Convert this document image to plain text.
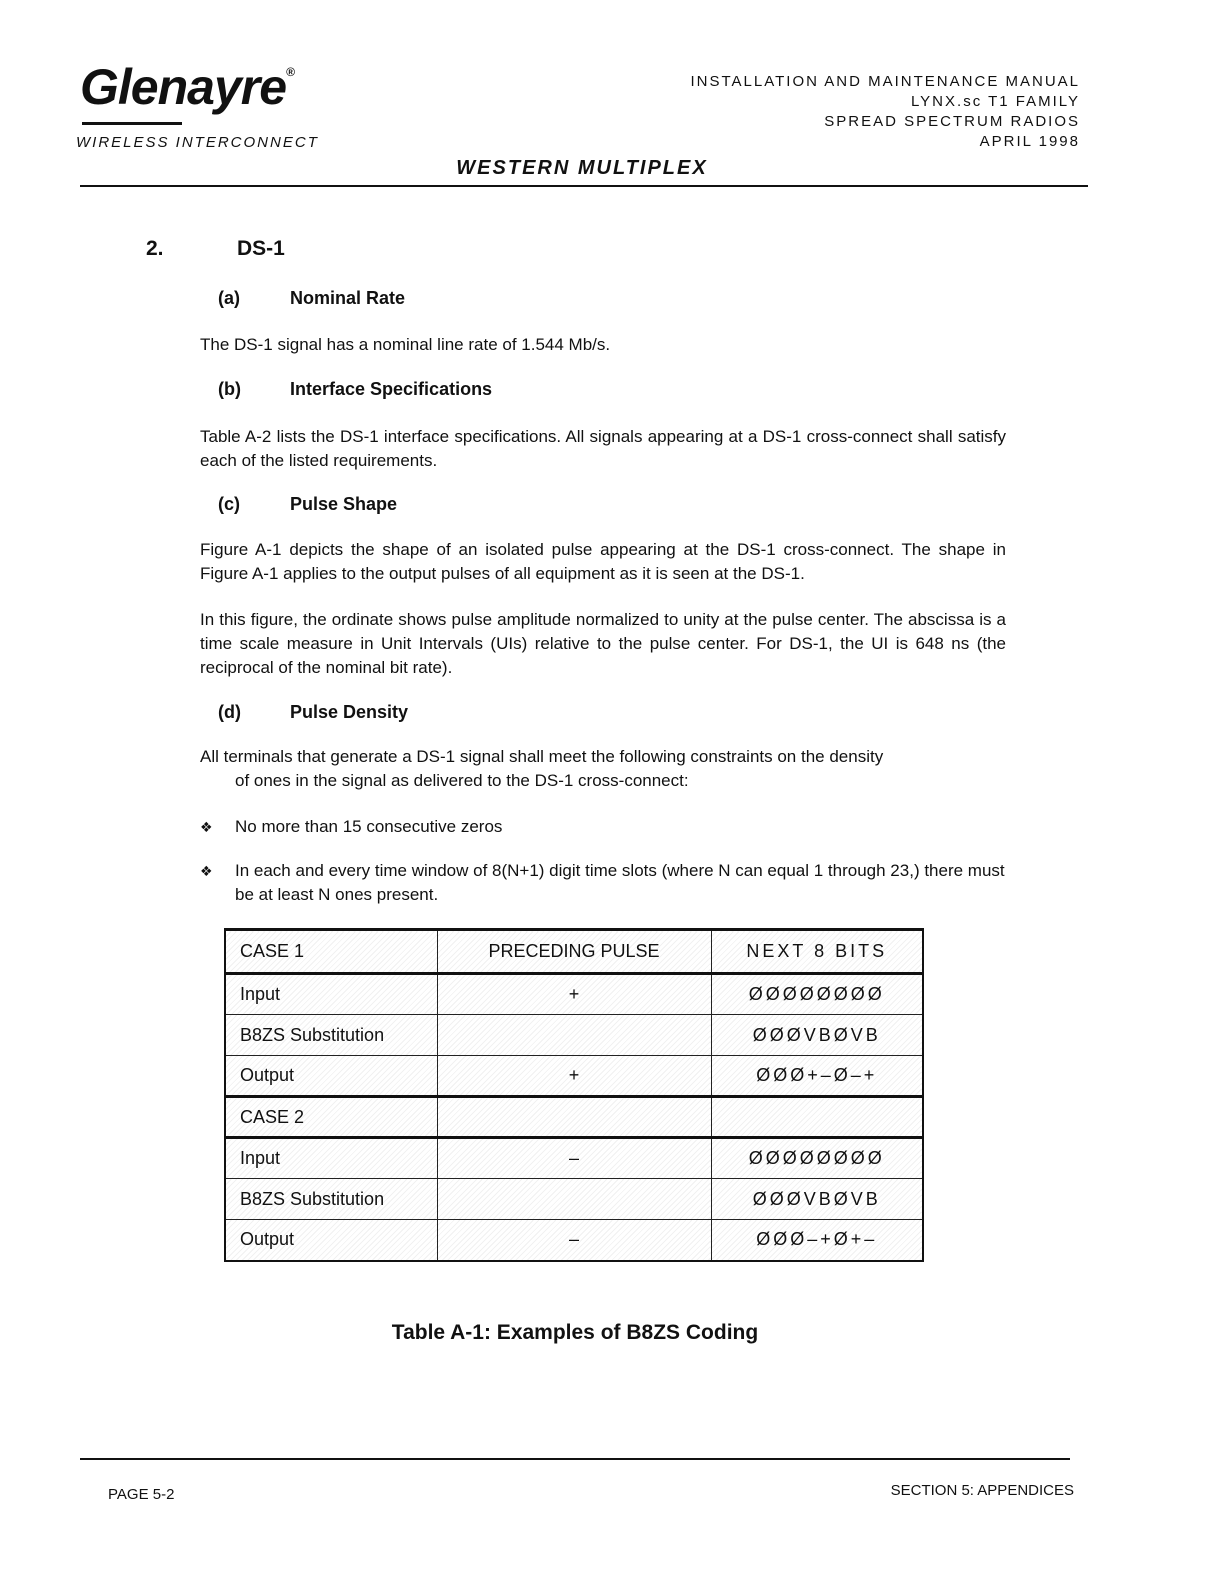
Glenayre®
WIRELESS INTERCONNECT
INSTALLATION AND MAINTENANCE MANUAL
LYNX.sc T1 FAMILY
SPREAD SPECTRUM RADIOS
APRIL 1998
WESTERN MULTIPLEX
2.	DS-1
(a)	Nominal Rate
The DS-1 signal has a nominal line rate of 1.544 Mb/s.
(b)	Interface Specifications
Table A-2 lists the DS-1 interface specifications. All signals appearing at a DS-1 cross-connect shall satisfy each of the listed requirements.
(c)	Pulse Shape
Figure A-1 depicts the shape of an isolated pulse appearing at the DS-1 cross-connect. The shape in Figure A-1 applies to the output pulses of all equipment as it is seen at the DS-1.
In this figure, the ordinate shows pulse amplitude normalized to unity at the pulse center. The abscissa is a time scale measure in Unit Intervals (UIs) relative to the pulse center. For DS-1, the UI is 648 ns (the reciprocal of the nominal bit rate).
(d)	Pulse Density
All terminals that generate a DS-1 signal shall meet the following constraints on the density
of ones in the signal as delivered to the DS-1 cross-connect:
❖ No more than 15 consecutive zeros
❖ In each and every time window of 8(N+1) digit time slots (where N can equal 1 through 23,) there must be at least N ones present.
CASE 1	PRECEDING PULSE	NEXT 8 BITS
Input	+	ØØØØØØØØ
B8ZS Substitution		ØØØVBØVB
Output	+	ØØØ+–Ø–+
CASE 2		
Input	–	ØØØØØØØØ
B8ZS Substitution		ØØØVBØVB
Output	–	ØØØ–+Ø+–
Table A-1: Examples of B8ZS Coding
PAGE 5-2	SECTION 5: APPENDICES
